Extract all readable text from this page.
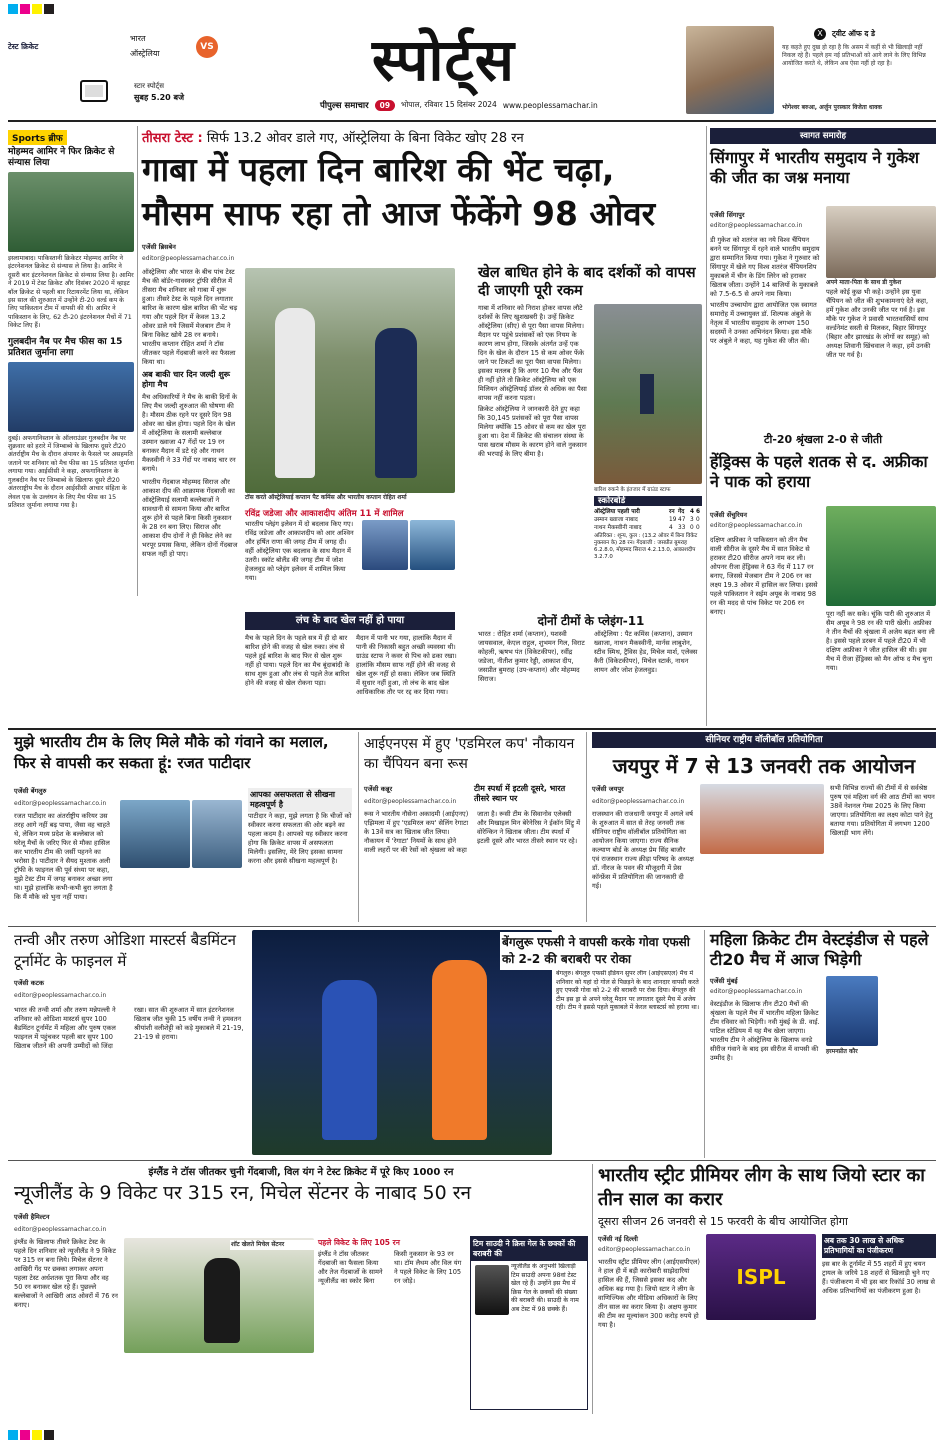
टेस्ट क्रिकेट
भारत
VS
ऑस्ट्रेलिया
स्टार स्पोर्ट्स
सुबह 5.20 बजे
स्पोर्ट्स
पीपुल्स समाचार	09	भोपाल, रविवार 15 दिसंबर 2024 www.peoplessamachar.in
X	ट्वीट ऑफ द डे
यह कहते हुए दुख हो रहा है कि असम में कहीं से भी खिलाड़ी नहीं निकल रहे हैं। पहले हम नई प्रतिभाओं को आगे लाने के लिए विभिन्न आयोजित करते थे, लेकिन अब ऐसा नहीं हो रहा है।
भोगेश्वर बरुआ, अर्जुन पुरस्कार विजेता धावक
Sports ब्रीफ
मोहम्मद आमिर ने फिर क्रिकेट से संन्यास लिया
इस्लामाबाद। पाकिस्तानी क्रिकेटर मोहम्मद आमिर ने इंटरनेशनल क्रिकेट से संन्यास ले लिया है। आमिर ने दूसरी बार इंटरनेशनल क्रिकेट से संन्यास लिया है। आमिर ने 2019 में टेस्ट क्रिकेट और दिसंबर 2020 में व्हाइट बॉल क्रिकेट से पहली बार रिटायरमेंट लिया था, लेकिन इस साल की शुरुआत में उन्होंने टी-20 वर्ल्ड कप के लिए पाकिस्तान टीम में वापसी की थी। आमिर ने पाकिस्तान के लिए, 62 टी-20 इंटरनेशनल मैचों में 71 विकेट लिए हैं।
गुलबदीन नैब पर मैच फीस का 15 प्रतिशत जुर्माना लगा
दुबई। अफगानिस्तान के ऑलराउंडर गुलबदीन नैब पर शुक्रवार को हरारे में जिम्बाब्वे के खिलाफ दूसरे टी20 अंतर्राष्ट्रीय मैच के दौरान अंपायर के फैसले पर असहमति जताने पर शनिवार को मैच फीस का 15 प्रतिशत जुर्माना लगाया गया। आईसीसी ने कहा, अफगानिस्तान के गुलबदीन नैब पर जिम्बाब्वे के खिलाफ दूसरे टी20 अंतरराष्ट्रीय मैच के दौरान आईसीसी आचार संहिता के लेवल एक के उल्लंघन के लिए मैच फीस का 15 प्रतिशत जुर्माना लगाया गया है।
तीसरा टेस्ट : सिर्फ 13.2 ओवर डाले गए, ऑस्ट्रेलिया के बिना विकेट खोए 28 रन
गाबा में पहला दिन बारिश की भेंट चढ़ा,
मौसम साफ रहा तो आज फेंकेंगे 98 ओवर
एजेंसी ब्रिसबेन
editor@peoplessamachar.co.in
ऑस्ट्रेलिया और भारत के बीच पांच टेस्ट मैच की बॉर्डर-गावस्कर ट्रॉफी सीरीज में तीसरा मैच शनिवार को गाबा में शुरू हुआ। तीसरे टेस्ट के पहले दिन लगातार बारिश के कारण खेल बारिश की भेंट चढ़ गया और पहले दिन में केवल 13.2 ओवर डाले गये जिसमें मेजबान टीम ने बिना विकेट खोये 28 रन बनाये। भारतीय कप्तान रोहित शर्मा ने टॉस जीतकर पहले गेंदबाजी करने का फैसला किया था।
अब बाकी चार दिन जल्दी शुरू होगा मैच
मैच अधिकारियों ने मैच के बाकी दिनों के लिए मैच जल्दी शुरुआत की घोषणा की है। मौसम ठीक रहने पर दूसरे दिन 98 ओवर का खेल होगा। पहले दिन के खेल में ऑस्ट्रेलिया के सलामी बल्लेबाज उस्मान ख्वाजा 47 गेंदों पर 19 रन बनाकर मैदान में डटे रहे और नाथन मैकस्वीनी ने 33 गेंदों पर नाबाद चार रन बनाये।
भारतीय गेंदबाज मोहम्मद सिराज और आकाश दीप की आक्रामक गेंदबाजी का ऑस्ट्रेलियाई सलामी बल्लेबाजों ने सावधानी से सामना किया और बारिश शुरू होने से पहले बिना किसी नुकसान के 28 रन बना लिए। सिराज और आकाश दीप दोनों ने ही विकेट लेने का भरपूर प्रयास किया, लेकिन दोनों गेंदबाज सफल नहीं हो पाए।
टॉस करते ऑस्ट्रेलियाई कप्तान पैट कमिंस और भारतीय कप्तान रोहित शर्मा
रविंद्र जडेजा और आकाशदीप अंतिम 11 में शामिल
भारतीय प्लेइंग इलेवन में दो बदलाव किए गए। रविंद्र जडेजा और आकाशदीप को आर अश्विन और हर्षित राणा की जगह टीम में जगह दी। वहीं ऑस्ट्रेलिया एक बदलाव के साथ मैदान में उतरी। स्कॉट बोलैंड की जगह टीम में जोश हेजलवुड को प्लेइंग इलेवन में शामिल किया गया।
लंच के बाद खेल नहीं हो पाया
मैच के पहले दिन के पहले सत्र में ही दो बार बारिश होने की वजह से खेल रुका। लंच से पहले हुई बारिश के बाद फिर से खेल शुरू नहीं हो पाया। पहले दिन का मैच बूंदाबांदी के साथ शुरू हुआ और लंच से पहले तेज बारिश होने की वजह से खेल रोकना पड़ा।
मैदान में पानी भर गया, हालांकि मैदान में पानी की निकासी बहुत अच्छी व्यवस्था थी। ग्राउंड स्टाफ ने कवर से पिच को ढका रखा। हालांकि मौसम साफ नहीं होने की वजह से खेल शुरू नहीं हो सका। लेकिन जब स्थिति में सुधार नहीं हुआ, तो लंच के बाद खेल आधिकारिक तौर पर रद्द कर दिया गया।
खेल बाधित होने के बाद दर्शकों को वापस दी जाएगी पूरी रकम
गाबा में शनिवार को निराश होकर वापस लौटे दर्शकों के लिए खुशखबरी है। उन्हें क्रिकेट ऑस्ट्रेलिया (सीए) से पूरा पैसा वापस मिलेगा। मैदान पर पहुंचे प्रशंसकों को एक नियम के कारण लाभ होगा, जिसके अंतर्गत उन्हें एक दिन के खेल के दौरान 15 से कम ओवर फेंके जाने पर टिकटों का पूरा पैसा वापस मिलेगा। इसका मतलब है कि अगर 10 मैच और फैंस ही नहीं होते तो क्रिकेट ऑस्ट्रेलिया को एक मिलियन ऑस्ट्रेलियाई डॉलर से अधिक का पैसा वापस नहीं करना पड़ता।
क्रिकेट ऑस्ट्रेलिया ने जानकारी देते हुए कहा कि 30,145 प्रशंसकों को पूरा पैसा वापस मिलेगा क्योंकि 15 ओवर से कम का खेल पूरा हुआ था। देश में क्रिकेट की संचालन संस्था के पास खराब मौसम के कारण होने वाले नुकसान की भरपाई के लिए बीमा है।
बारिश रुकने के इंतजार में ग्राउंड स्टाफ
स्कोरबोर्ड
ऑस्ट्रेलिया पहली पारी	रन गेंद 4 6
उस्मान ख्वाजा नाबाद	19 47 3 0
नाथन मैकस्वीनी नाबाद	4 33 0 0
अतिरिक्त : शून्य, कुल : (13.2 ओवर में बिना विकेट नुकसान के) 28 रन। गेंदबाजी : जसप्रीत बुमराह 6.2.8.0, मोहम्मद सिराज 4.2.13.0, आकाशदीप 3.2.7.0
दोनों टीमों के प्लेइंग-11
भारत : रोहित शर्मा (कप्तान), यशस्वी जायसवाल, केएल राहुल, शुभमन गिल, विराट कोहली, ऋषभ पंत (विकेटकीपर), रवींद्र जडेजा, नीतीश कुमार रेड्डी, आकाश दीप, जसप्रीत बुमराह (उप-कप्तान) और मोहम्मद सिराज।
ऑस्ट्रेलिया : पैट कमिंस (कप्तान), उस्मान ख्वाजा, नाथन मैकस्वीनी, मार्नस लाबुशेन, स्टीव स्मिथ, ट्रैविस हेड, मिचेल मार्श, एलेक्स कैरी (विकेटकीपर), मिचेल स्टार्क, नाथन लायन और जोश हेजलवुड।
स्वागत समारोह
सिंगापुर में भारतीय समुदाय ने गुकेश की जीत का जश्न मनाया
एजेंसी सिंगापुर
editor@peoplessamachar.co.in
डी गुकेश को शतरंज का नये विश्व चैंपियन बनने पर सिंगापुर में रहने वाले भारतीय समुदाय द्वारा सम्मानित किया गया। गुकेश ने गुरुवार को सिंगापुर में खेले गए विश्व शतरंज चैंपियनशिप मुकाबले में चीन के डिंग लिरेन को हराकर खिताब जीता। उन्होंने 14 बाजियों के मुकाबले को 7.5-6.5 से अपने नाम किया।
भारतीय उच्चायोग द्वारा आयोजित एक स्वागत समारोह में उच्चायुक्त डॉ. शिल्पक अंबुले के नेतृत्व में भारतीय समुदाय के लगभग 150 सदस्यों ने उनका अभिनंदन किया। इस मौके पर अंबुले ने कहा, यह गुकेश की जीत की।
अपने माता-पिता के साथ डी गुकेश
पहले कोई कुछ भी कहे। उन्होंने इस युवा चैंपियन को जीत की शुभकामनाएं देते कहा, हमें गुकेश और उनकी जीत पर गर्व है। इस मौके पर गुकेश ने प्रवासी भारतवासियों साथ वर्ल्डनेमंट सस्ती से मिलकर, बिहार सिंगापुर (बिहार और झारखंड के लोगों का समूह) को अध्यक्ष शिवानी खिंचवाल ने कहा, हमें उनकी जीत पर गर्व है।
टी-20 श्रृंखला 2-0 से जीती
हेंड्रिक्स के पहले शतक से द. अफ्रीका ने पाक को हराया
एजेंसी सेंचुरियन
editor@peoplessamachar.co.in
दक्षिण अफ्रीका ने पाकिस्तान को तीन मैच वाली सीरीज के दूसरे मैच में सात विकेट से हराकर टी20 सीरीज अपने नाम कर ली। ओपनर रीजा हेंड्रिक्स ने 63 गेंद में 117 रन बनाए, जिससे मेजबान टीम ने 206 रन का लक्ष्य 19.3 ओवर में हासिल कर लिया। इससे पहले पाकिस्तान ने सईम अयूब के नाबाद 98 रन की मदद से पांच विकेट पर 206 रन बनाए।	पूरा नहीं कर सके। चूंकि पारी की शुरुआत में सैम अयूब ने 98 रन की पारी खेली। अफ्रीका ने तीन मैचों की श्रृंखला में अजेय बढ़त बना ली है। इससे पहले डरबन में पहले टी20 में भी दक्षिण अफ्रीका ने जीत हासिल की थी। इस मैच में रीजा हेंड्रिक्स को मैन ऑफ द मैच चुना गया।
मुझे भारतीय टीम के लिए मिले मौके को गंवाने का मलाल, फिर से वापसी कर सकता हूं: रजत पाटीदार
एजेंसी बेंगलुरु
editor@peoplessamachar.co.in
रजत पाटीदार का अंतर्राष्ट्रीय करियर उस तरह आगे नहीं बढ़ पाया, जैसा वह चाहते थे, लेकिन मध्य प्रदेश के बल्लेबाज को घरेलू मैचों के जरिए फिर से मौका हासिल कर भारतीय टीम की जर्सी पहनने का भरोसा है। पाटीदार ने सैयद मुश्ताक अली ट्रॉफी के फाइनल की पूर्व संध्या पर कहा, मुझे टेस्ट टीम में जगह बनाकर अच्छा लगा था। मुझे हालांकि कभी-कभी बुरा लगता है कि मैं मौके को भुना नहीं पाया।
आपका असफलता से सीखना महत्वपूर्ण है
पाटीदार ने कहा, मुझे लगता है कि चीजों को स्वीकार करना सफलता की ओर बढ़ने का पहला कदम है। आपको यह स्वीकार करना होगा कि क्रिकेट वापस में असफलता मिलेगी। इसलिए, मेरे लिए इसका सामना करना और इससे सीखना महत्वपूर्ण है।
आईएनएस में हुए 'एडमिरल कप' नौकायन का चैंपियन बना रूस
एजेंसी कन्नूर
editor@peoplessamachar.co.in
टीम स्पर्धा में इटली दूसरे, भारत तीसरे स्थान पर
रूस ने भारतीय नौसेना अकादमी (आईएनए) एझिमला में हुए 'एडमिरल कप' सेलिंग रेगाटा के 13वें सत्र का खिताब जीत लिया। नौकायन में 'रेगाटा' नियमों के साथ होने वाली लहरों पर की रेसों को श्रृंखला को कहा जाता है। रूसी टीम के सिवानोव एलेक्सी और मिखाइल मिन बेरेनेरिस ने ईकाॅन मिंट्रू में वोरेन्किन ने खिताब जीता। टीम स्पर्धा में इटली दूसरे और भारत तीसरे स्थान पर रहे।
सीनियर राष्ट्रीय वॉलीबॉल प्रतियोगिता
जयपुर में 7 से 13 जनवरी तक आयोजन
एजेंसी जयपुर
editor@peoplessamachar.co.in
राजस्थान की राजधानी जयपुर में अगले वर्ष के शुरुआत में सात से तेरह जनवरी तक सीनियर राष्ट्रीय वॉलीबॉल प्रतियोगिता का आयोजन किया जाएगा। राज्य सैनिक कल्याण बोर्ड के अध्यक्ष प्रेम सिंह बाजौर एवं राजस्थान राज्य क्रीड़ा परिषद के अध्यक्ष डॉ. नीरज के पवन की मौजूदगी में प्रेस कॉन्फ्रेंस में प्रतियोगिता की जानकारी दी गई।
सभी विभिन्न राज्यों की टीमों में से सर्वश्रेष्ठ पुरुष एवं महिला वर्ग की आठ टीमों का चयन 38वें नेशनल गेम्स 2025 के लिए किया जाएगा। प्रतियोगिता का लक्ष्य कोटा पाने हेतु बताया गया। प्रतियोगिता में लगभग 1200 खिलाड़ी भाग लेंगे।
तन्वी और तरुण ओडिशा मास्टर्स बैडमिंटन टूर्नामेंट के फाइनल में
एजेंसी कटक
editor@peoplessamachar.co.in
भारत की तन्वी शर्मा और तरुण मन्नेपल्ली ने शनिवार को ओडिशा मास्टर्स सुपर 100 बैडमिंटन टूर्नामेंट में महिला और पुरुष एकल फाइनल में पहुंचकर पहली बार सुपर 100 खिताब जीतने की अपनी उम्मीदों को जिंदा रखा। सात की शुरुआत में सात इंटरनेशनल खिताब जीत चुकी 15 वर्षीय तन्वी ने हमवतन श्रीयांशी वलीशेट्टी को कड़े मुकाबले में 21-19, 21-19 से हराया।
बेंगलुरू एफसी ने वापसी करके गोवा एफसी को 2-2 की बराबरी पर रोका
बेंगलुरु। बेंगलुरु एफसी इंडियन सुपर लीग (आईएसएल) मैच में शनिवार को यहां दो गोल से पिछड़ने के बाद शानदार वापसी करते हुए एफसी गोवा को 2-2 की बराबरी पर रोक दिया। बेंगलुरु की टीम इस ड्रा से अपने घरेलू मैदान पर लगातार दूसरे मैच में अजेय रही। टीम ने इससे पहले मुकाबले में केरल ब्लास्टर्स को हराया था।
महिला क्रिकेट टीम वेस्टइंडीज से पहले टी20 मैच में आज भिड़ेगी
एजेंसी मुंबई
editor@peoplessamachar.co.in
वेस्टइंडीज के खिलाफ तीन टी20 मैचों की श्रृंखला के पहले मैच में भारतीय महिला क्रिकेट टीम रविवार को भिड़ेगी। नवी मुंबई के डी. वाई. पाटिल स्टेडियम में यह मैच खेला जाएगा। भारतीय टीम ने ऑस्ट्रेलिया के खिलाफ वनडे सीरीज गंवाने के बाद इस सीरीज में वापसी की उम्मीद है।
हरमनप्रीत कौर
इंग्लैंड ने टॉस जीतकर चुनी गेंदबाजी, विल यंग ने टेस्ट क्रिकेट में पूरे किए 1000 रन
न्यूजीलैंड के 9 विकेट पर 315 रन, मिचेल सेंटनर के नाबाद 50 रन
एजेंसी हैमिल्टन
editor@peoplessamachar.co.in
इंग्लैंड के खिलाफ तीसरे क्रिकेट टेस्ट के पहले दिन शनिवार को न्यूजीलैंड ने 9 विकेट पर 315 रन बना लिये। मिचेल सेंटनर ने आखिरी गेंद पर छक्का लगाकर अपना पहला टेस्ट अर्धशतक पूरा किया और वह 50 रन बनाकर खेल रहे हैं। पुछल्ले बल्लेबाजों ने आखिरी आठ ओवरों में 76 रन बनाए।
शॉट खेलते मिचेल सेंटनर	पहले विकेट के लिए 105 रन
इंग्लैंड ने टॉस जीतकर गेंदबाजी का फैसला किया और तेज गेंदबाजों के सामने न्यूजीलैंड का स्कोर बिना किसी नुकसान के 93 रन था। टॉम लैथम और विल यंग ने पहले विकेट के लिए 105 रन जोड़े।
टिम साउदी ने क्रिस गेल के छक्कों की बराबरी की
न्यूजीलैंड के अनुभवी खिलाड़ी टिम साउदी अपना 98वां टेस्ट खेल रहे हैं। उन्होंने इस मैच में क्रिस गेल के छक्कों की संख्या की बराबरी की। साउदी के नाम अब टेस्ट में 98 छक्के हैं।
भारतीय स्ट्रीट प्रीमियर लीग के साथ जियो स्टार का तीन साल का करार
दूसरा सीजन 26 जनवरी से 15 फरवरी के बीच आयोजित होगा
एजेंसी नई दिल्ली
editor@peoplessamachar.co.in
भारतीय स्ट्रीट प्रीमियर लीग (आईएसपीएल) ने हाल ही में बड़ी कारोबारी साझेदारियां हासिल की हैं, जिससे इसका कद और अधिक बढ़ गया है। जियो स्टार ने लीग के वाणिज्यिक और मीडिया अधिकारों के लिए तीन साल का करार किया है। अक्षय कुमार की टीम का मूल्यांकन 300 करोड़ रुपये हो गया है।
ISPL
अब तक 30 लाख से अधिक प्रतिभागियों का पंजीकरण
इस बार के टूर्नामेंट में 55 शहरों में हुए चयन ट्रायल के जरिये 18 शहरों से खिलाड़ी चुने गए हैं। पंजीकरण में भी इस बार रिकॉर्ड 30 लाख से अधिक प्रतिभागियों का पंजीकरण हुआ है।
